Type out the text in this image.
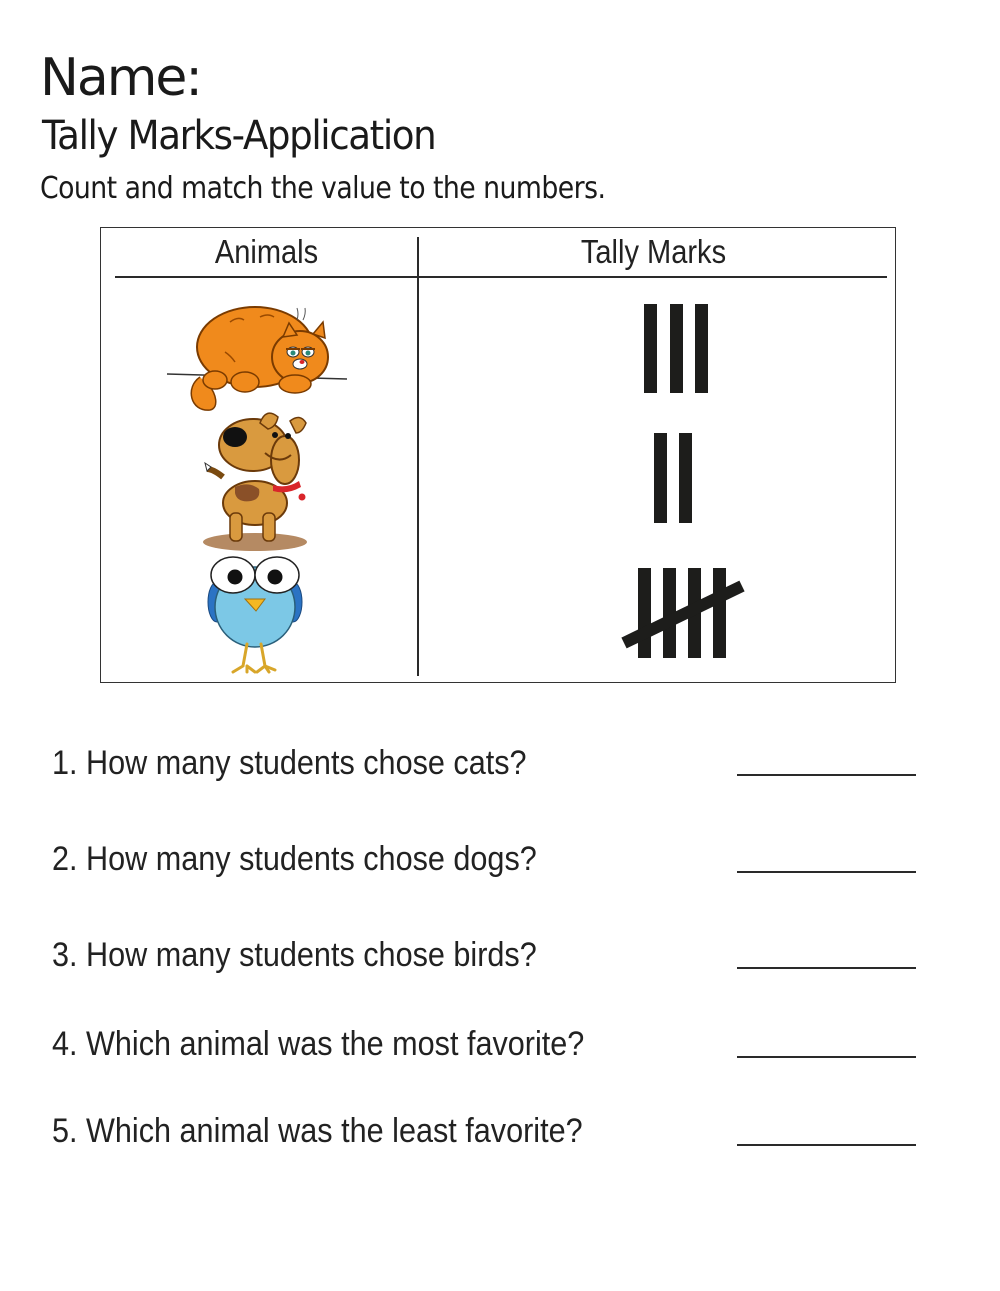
Name:
Tally Marks-Application
Count and match the value to the numbers.
Animals	Tally Marks
1. How many students chose cats?
2. How many students chose dogs?
3. How many students chose birds?
4. Which animal was the most favorite?
5. Which animal was the least favorite?
